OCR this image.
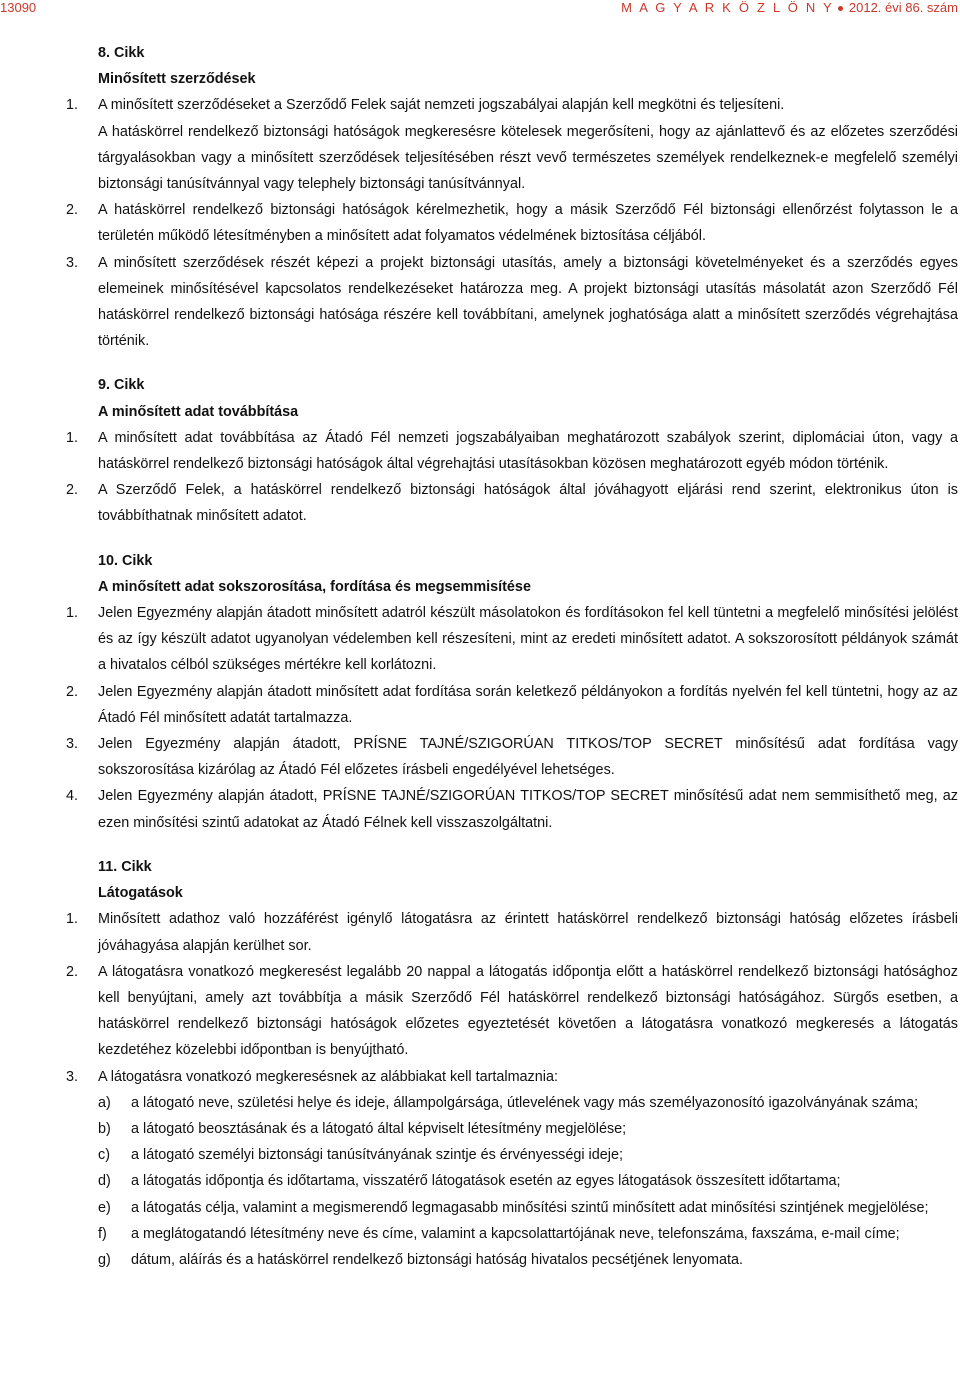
13090	M A G Y A R K Ö Z L Ö N Y 2012. évi 86. szám
8. Cikk
Minősített szerződések
1. A minősített szerződéseket a Szerződő Felek saját nemzeti jogszabályai alapján kell megkötni és teljesíteni.
A hatáskörrel rendelkező biztonsági hatóságok megkeresésre kötelesek megerősíteni, hogy az ajánlattevő és az előzetes szerződési tárgyalásokban vagy a minősített szerződések teljesítésében részt vevő természetes személyek rendelkeznek-e megfelelő személyi biztonsági tanúsítvánnyal vagy telephely biztonsági tanúsítvánnyal.
2. A hatáskörrel rendelkező biztonsági hatóságok kérelmezhetik, hogy a másik Szerződő Fél biztonsági ellenőrzést folytasson le a területén működő létesítményben a minősített adat folyamatos védelmének biztosítása céljából.
3. A minősített szerződések részét képezi a projekt biztonsági utasítás, amely a biztonsági követelményeket és a szerződés egyes elemeinek minősítésével kapcsolatos rendelkezéseket határozza meg. A projekt biztonsági utasítás másolatát azon Szerződő Fél hatáskörrel rendelkező biztonsági hatósága részére kell továbbítani, amelynek joghatósága alatt a minősített szerződés végrehajtása történik.
9. Cikk
A minősített adat továbbítása
1. A minősített adat továbbítása az Átadó Fél nemzeti jogszabályaiban meghatározott szabályok szerint, diplomáciai úton, vagy a hatáskörrel rendelkező biztonsági hatóságok által végrehajtási utasításokban közösen meghatározott egyéb módon történik.
2. A Szerződő Felek, a hatáskörrel rendelkező biztonsági hatóságok által jóváhagyott eljárási rend szerint, elektronikus úton is továbbíthatnak minősített adatot.
10. Cikk
A minősített adat sokszorosítása, fordítása és megsemmisítése
1. Jelen Egyezmény alapján átadott minősített adatról készült másolatokon és fordításokon fel kell tüntetni a megfelelő minősítési jelölést és az így készült adatot ugyanolyan védelemben kell részesíteni, mint az eredeti minősített adatot. A sokszorosított példányok számát a hivatalos célból szükséges mértékre kell korlátozni.
2. Jelen Egyezmény alapján átadott minősített adat fordítása során keletkező példányokon a fordítás nyelvén fel kell tüntetni, hogy az az Átadó Fél minősített adatát tartalmazza.
3. Jelen Egyezmény alapján átadott, PRÍSNE TAJNÉ/SZIGORÚAN TITKOS/TOP SECRET minősítésű adat fordítása vagy sokszorosítása kizárólag az Átadó Fél előzetes írásbeli engedélyével lehetséges.
4. Jelen Egyezmény alapján átadott, PRÍSNE TAJNÉ/SZIGORÚAN TITKOS/TOP SECRET minősítésű adat nem semmisíthető meg, az ezen minősítési szintű adatokat az Átadó Félnek kell visszaszolgáltatni.
11. Cikk
Látogatások
1. Minősített adathoz való hozzáférést igénylő látogatásra az érintett hatáskörrel rendelkező biztonsági hatóság előzetes írásbeli jóváhagyása alapján kerülhet sor.
2. A látogatásra vonatkozó megkeresést legalább 20 nappal a látogatás időpontja előtt a hatáskörrel rendelkező biztonsági hatósághoz kell benyújtani, amely azt továbbítja a másik Szerződő Fél hatáskörrel rendelkező biztonsági hatóságához. Sürgős esetben, a hatáskörrel rendelkező biztonsági hatóságok előzetes egyeztetését követően a látogatásra vonatkozó megkeresés a látogatás kezdetéhez közelebbi időpontban is benyújtható.
3. A látogatásra vonatkozó megkeresésnek az alábbiakat kell tartalmaznia:
a) a látogató neve, születési helye és ideje, állampolgársága, útlevelének vagy más személyazonosító igazolványának száma;
b) a látogató beosztásának és a látogató által képviselt létesítmény megjelölése;
c) a látogató személyi biztonsági tanúsítványának szintje és érvényességi ideje;
d) a látogatás időpontja és időtartama, visszatérő látogatások esetén az egyes látogatások összesített időtartama;
e) a látogatás célja, valamint a megismerendő legmagasabb minősítési szintű minősített adat minősítési szintjének megjelölése;
f) a meglátogatandó létesítmény neve és címe, valamint a kapcsolattartójának neve, telefonszáma, faxszáma, e-mail címe;
g) dátum, aláírás és a hatáskörrel rendelkező biztonsági hatóság hivatalos pecsétjének lenyomata.
